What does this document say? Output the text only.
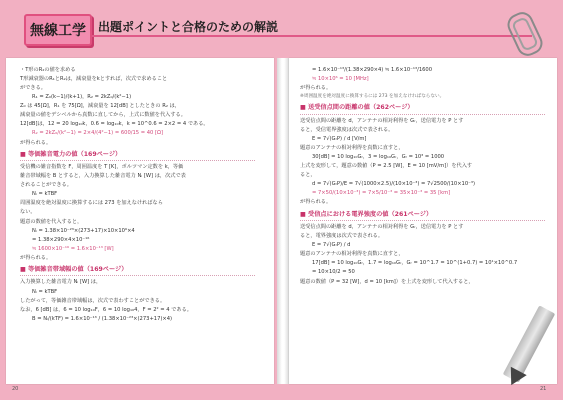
無線工学	出題ポイントと合格のための解説

・T形のR₂の値を求める

T形減衰器のR₁とR₂は，減衰量をkとすれば，次式で求めること

ができる。

R₁ = Z₀(k−1)/(k+1)，R₂ = 2kZ₀/(k²−1)

Z₀ は 45[Ω]，R₁ を 75[Ω]，減衰量を 12[dB] としたときの R₂ は，

減衰量の値をデシベルから真数に直してから，上式に数値を代入する。

12[dB]は，12 = 20 log₁₀k，0.6 = log₁₀k，k = 10^0.6 = 2×2 = 4 である。

R₂ = 2kZ₀/(k²−1) = 2×4/(4²−1) = 600/15 = 40 [Ω]

が得られる。

■ 等価雑音電力の値（169ページ）

受信機の雑音指数を F，周囲温度を T [K]，ボルツマン定数を k，等価

雑音帯域幅を B とすると，入力換算した雑音電力 Nᵢ [W] は，次式で表

されることができる。

Nᵢ = kTBF

周囲温度を絶対温度に換算するには 273 を加えなければなら

ない。

題意の数値を代入すると，

Nᵢ = 1.38×10⁻²³×(273+17)×10×10⁶×4

= 1.38×290×4×10⁻¹⁶

≒ 1600×10⁻¹⁶ = 1.6×10⁻¹³ [W]

が得られる。

■ 等価雑音帯域幅の値（169ページ）

入力換算した雑音電力 Nᵢ [W] は，

Nᵢ = kTBF

したがって，等価雑音帯域幅は，次式で表わすことができる。

なお，6 [dB] は，6 = 10 log₁₀F，6 = 10 log₁₀4，F = 2² = 4 である。

B = Nᵢ/(kTF) = 1.6×10⁻¹³ / (1.38×10⁻²³×(273+17)×4)

= 1.6×10⁻¹³/(1.38×290×4) ≒ 1.6×10⁻¹³/1600

≒ 10×10⁶ = 10 [MHz]

が得られる。

※周囲温度を絶対温度に換算するには 273 を加えなければならない。

■ 送受信点間の距離の値（262ページ）

送受信点間の距離を d，アンテナの相対利得を Gᵣ，送信電力を P とす

ると，受信電界強度は次式で表される。

E = 7√(GᵣP) / d [V/m]

題意のアンテナの相対利得を真数に直すと，

30[dB] = 10 log₁₀Gᵣ，3 = log₁₀Gᵣ，Gᵣ = 10³ = 1000

上式を変形して，題意の数値（P = 2.5 [W]，E = 10 [mV/m]）を代入す

ると，

d = 7√(GᵣP)/E = 7√(1000×2.5)/(10×10⁻³) = 7√2500/(10×10⁻³)

= 7×50/(10×10⁻³) = 7×5/10⁻³ = 35×10⁻³ = 35 [km]

が得られる。

■ 受信点における電界強度の値（261ページ）

送受信点間の距離を d，アンテナの相対利得を Gᵣ，送信電力を P とす

ると，電界強度は次式で表される。

E = 7√(GᵣP) / d

題意のアンテナの相対利得を真数に直すと，

17[dB] = 10 log₁₀Gᵣ，1.7 = log₁₀Gᵣ，Gᵣ = 10^1.7 = 10^(1+0.7) = 10¹×10^0.7

= 10×10/2 = 50

題意の数値（P = 32 [W]，d = 10 [km]）を上式を変形して代入すると，

20	21
